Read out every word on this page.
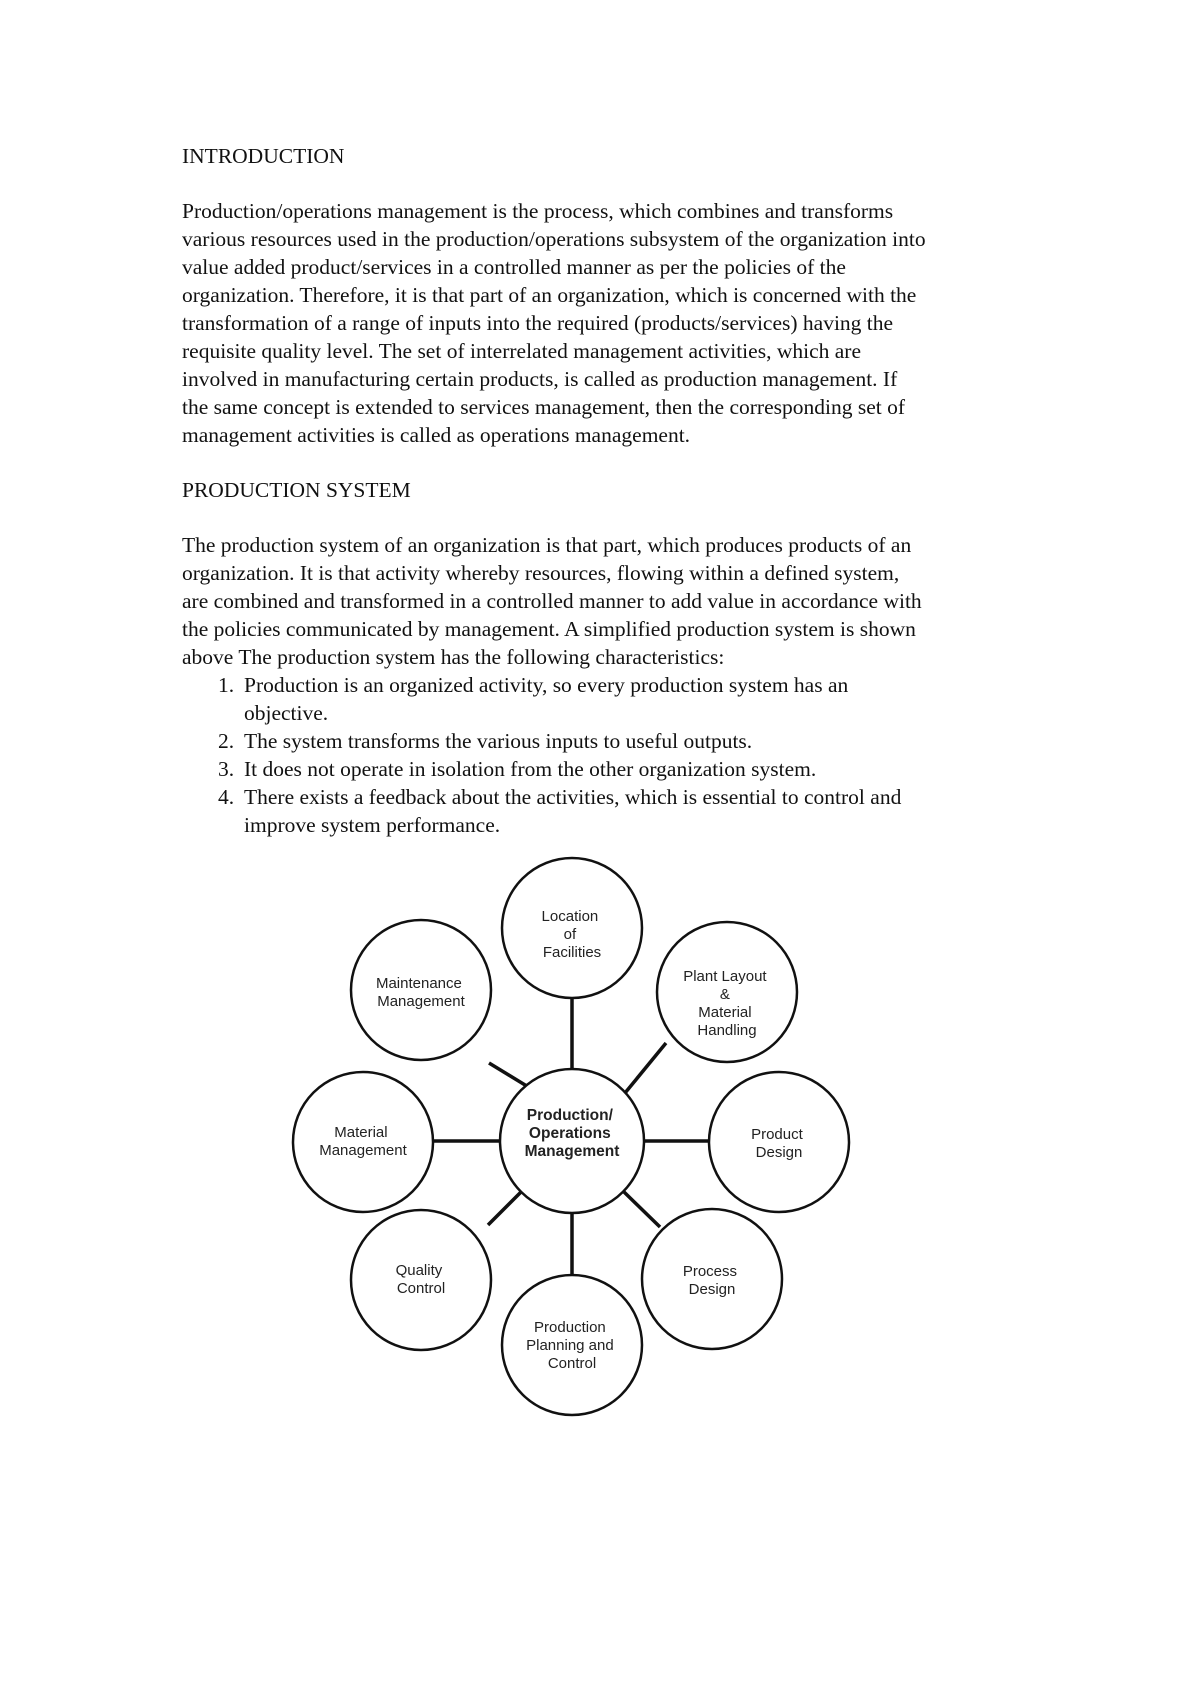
INTRODUCTION
Production/operations management is the process, which combines and transforms
various resources used in the production/operations subsystem of the organization into
value added product/services in a controlled manner as per the policies of the
organization. Therefore, it is that part of an organization, which is concerned with the
transformation of a range of inputs into the required (products/services) having the
requisite quality level. The set of interrelated management activities, which are
involved in manufacturing certain products, is called as production management. If
the same concept is extended to services management, then the corresponding set of
management activities is called as operations management.
PRODUCTION SYSTEM
The production system of an organization is that part, which produces products of an
organization. It is that activity whereby resources, flowing within a defined system,
are combined and transformed in a controlled manner to add value in accordance with
the policies communicated by management. A simplified production system is shown
above The production system has the following characteristics:
1. Production is an organized activity, so every production system has an
objective.
2. The system transforms the various inputs to useful outputs.
3. It does not operate in isolation from the other organization system.
4. There exists a feedback about the activities, which is essential to control and
improve system performance.
Production/ Operations Management
Location of Facilities
Plant Layout & Material Handling
Product Design
Process Design
Production Planning and Control
Quality Control
Material Management
Maintenance Management
